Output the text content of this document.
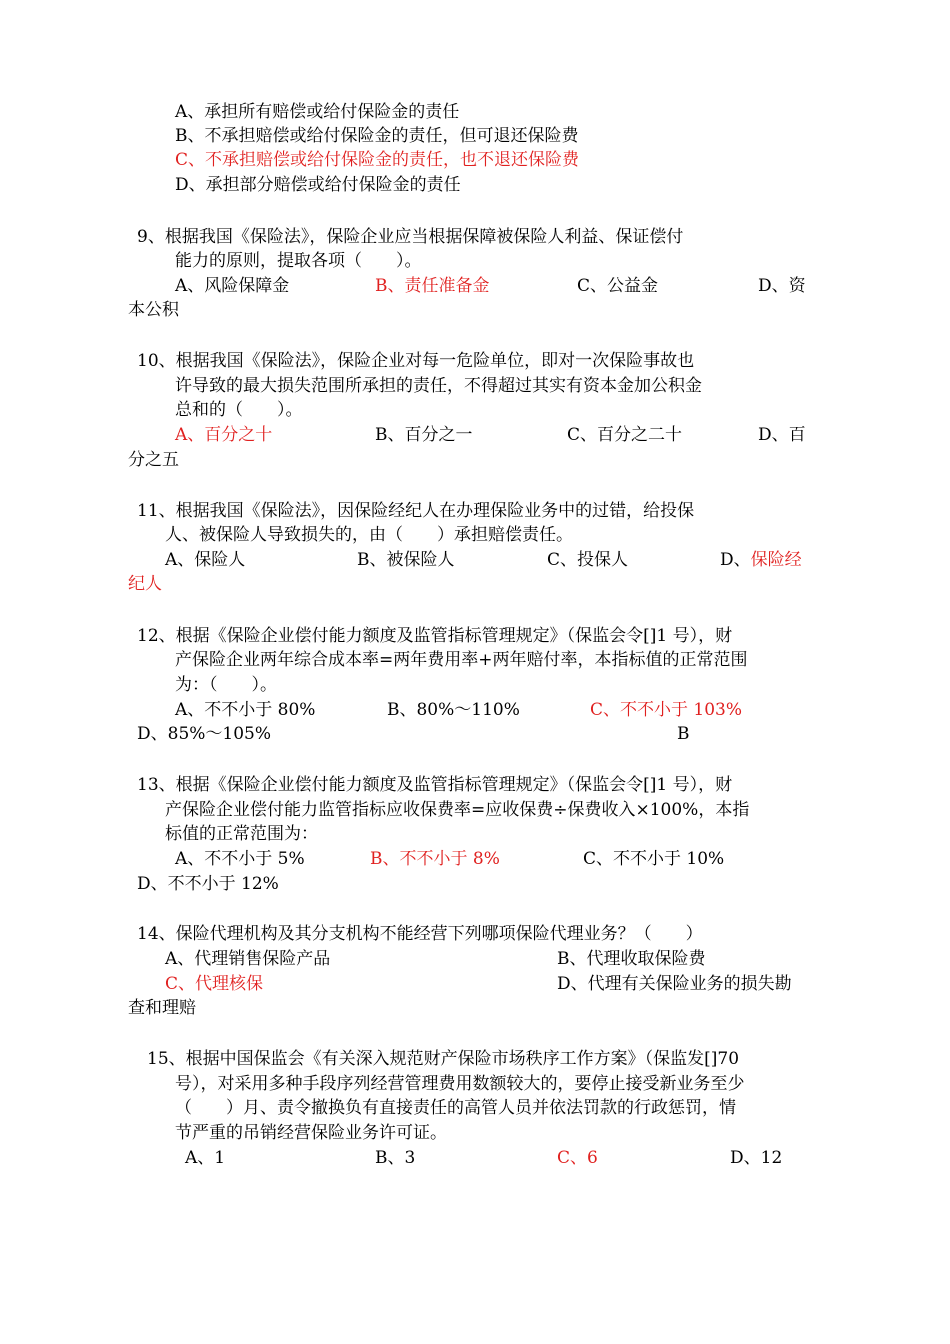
A、承担所有赔偿或给付保险金的责任
B、不承担赔偿或给付保险金的责任，但可退还保险费
C、不承担赔偿或给付保险金的责任，也不退还保险费
D、承担部分赔偿或给付保险金的责任
9、根据我国《保险法》，保险企业应当根据保障被保险人利益、保证偿付
能力的原则，提取各项（　　）。
A、风险保障金	B、责任准备金	C、公益金	D、资
本公积
10、根据我国《保险法》，保险企业对每一危险单位，即对一次保险事故也
许导致的最大损失范围所承担的责任，不得超过其实有资本金加公积金
总和的（　　）。
A、百分之十	B、百分之一	C、百分之二十	D、百
分之五
11、根据我国《保险法》，因保险经纪人在办理保险业务中的过错，给投保
人、被保险人导致损失的，由（　　）承担赔偿责任。
A、保险人	B、被保险人	C、投保人	D、保险经
纪人
12、根据《保险企业偿付能力额度及监管指标管理规定》（保监会令[]1 号），财
产保险企业两年综合成本率=两年费用率+两年赔付率，本指标值的正常范围
为：（　　）。
A、不不小于 80%	B、80%～110%	C、不不小于 103%
D、85%～105%	B
13、根据《保险企业偿付能力额度及监管指标管理规定》（保监会令[]1 号），财
产保险企业偿付能力监管指标应收保费率=应收保费÷保费收入×100%，本指
标值的正常范围为：
A、不不小于 5%	B、不不小于 8%	C、不不小于 10%
D、不不小于 12%
14、保险代理机构及其分支机构不能经营下列哪项保险代理业务？（　　）
A、代理销售保险产品	B、代理收取保险费
C、代理核保	D、代理有关保险业务的损失勘
查和理赔
15、根据中国保监会《有关深入规范财产保险市场秩序工作方案》（保监发[]70
号），对采用多种手段序列经营管理费用数额较大的，要停止接受新业务至少
（　　）月、责令撤换负有直接责任的高管人员并依法罚款的行政惩罚，情
节严重的吊销经营保险业务许可证。
A、1	B、3	C、6	D、12
